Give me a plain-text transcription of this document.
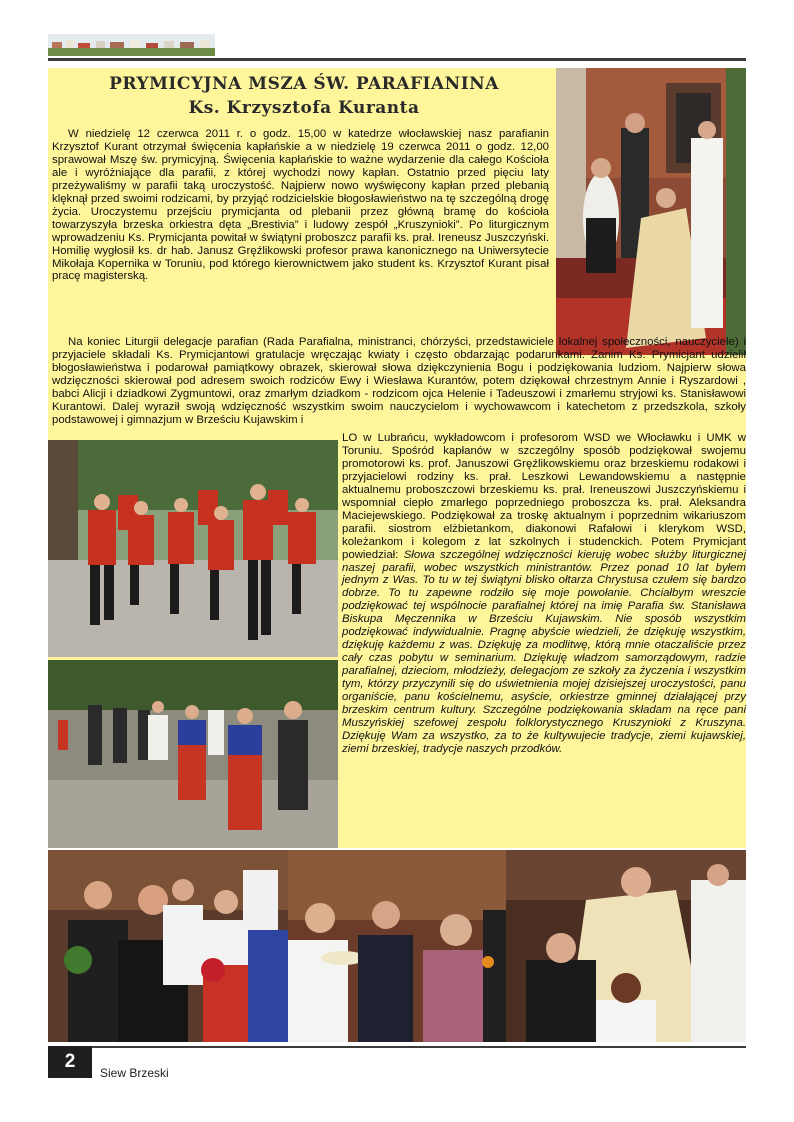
PRYMICYJNA MSZA ŚW. PARAFIANINA
Ks. Krzysztofa Kuranta

W niedzielę 12 czerwca 2011 r. o godz. 15,00 w katedrze włocławskiej nasz parafianin Krzysztof Kurant otrzymał święcenia kapłańskie a w niedzielę 19 czerwca 2011 o godz. 12,00 sprawował Mszę św. prymicyjną. Święcenia kapłańskie to ważne wydarzenie dla całego Kościoła ale i wyróżniające dla parafii, z której wychodzi nowy kapłan. Ostatnio przed pięciu laty przeżywaliśmy w parafii taką uroczystość. Najpierw nowo wyświęcony kapłan przed plebanią klęknął przed swoimi rodzicami, by przyjąć rodzicielskie błogosławieństwo na tę szczególną drogę życia. Uroczystemu przejściu prymicjanta od plebanii przez główną bramę do kościoła towarzyszyła brzeska orkiestra dęta „Brestivia” i ludowy zespół „Kruszynioki”. Po liturgicznym wprowadzeniu Ks. Prymicjanta powitał w świątyni proboszcz parafii ks. prał. Ireneusz Juszczyński. Homilię wygłosił ks. dr hab. Janusz Gręźlikowski profesor prawa kanonicznego na Uniwersytecie Mikołaja Kopernika w Toruniu, pod którego kierownictwem jako student ks. Krzysztof Kurant pisał pracę magisterską.

Na koniec Liturgii delegacje parafian (Rada Parafialna, ministranci, chórzyści, przedstawiciele lokalnej społeczności, nauczyciele) i przyjaciele składali Ks. Prymicjantowi gratulacje wręczając kwiaty i często obdarzając podarunkami. Zanim Ks. Prymicjant udzielił błogosławieństwa i podarował pamiątkowy obrazek, skierował słowa dziękczynienia Bogu i podziękowania ludziom. Najpierw słowa wdzięczności skierował pod adresem swoich rodziców Ewy i Wiesława Kurantów, potem dziękował chrzestnym Annie i Ryszardowi , babci Alicji i dziadkowi Zygmuntowi, oraz zmarłym dziadkom - rodzicom ojca Helenie i Tadeuszowi i zmarłemu stryjowi ks. Stanisławowi Kurantowi. Dalej wyraził swoją wdzięczność wszystkim swoim nauczycielom i wychowawcom i katechetom z przedszkola, szkoły podstawowej i gimnazjum w Brześciu Kujawskim i

LO w Lubrańcu, wykładowcom i profesorom WSD we Włocławku i UMK w Toruniu. Spośród kapłanów w szczególny sposób podziękował swojemu promotorowi ks. prof. Januszowi Gręźlikowskiemu oraz brzeskiemu rodakowi i przyjacielowi rodziny ks. prał. Leszkowi Lewandowskiemu a następnie aktualnemu proboszczowi brzeskiemu ks. prał. Ireneuszowi Juszczyńskiemu i wspomniał ciepło zmarłego poprzedniego proboszcza ks. prał. Aleksandra Maciejewskiego. Podziękował za troskę aktualnym i poprzednim wikariuszom parafii. siostrom elżbietankom, diakonowi Rafałowi i klerykom WSD, koleżankom i kolegom z lat szkolnych i studenckich. Potem Prymicjant powiedział: Słowa szczególnej wdzięczności kieruję wobec służby liturgicznej naszej parafii, wobec wszystkich ministrantów. Przez ponad 10 lat byłem jednym z Was. To tu w tej świątyni blisko ołtarza Chrystusa czułem się bardzo dobrze. To tu zapewne rodziło się moje powołanie. Chciałbym wreszcie podziękować tej wspólnocie parafialnej której na imię Parafia św. Stanisława Biskupa Męczennika w Brześciu Kujawskim. Nie sposób wszystkim podziękować indywidualnie. Pragnę abyście wiedzieli, że dziękuję wszystkim, dziękuję każdemu z was. Dziękuję za modlitwę, którą mnie otaczaliście przez cały czas pobytu w seminarium. Dziękuję władzom samorządowym, radzie parafialnej, dzieciom, młodzieży, delegacjom ze szkoły za życzenia i wszystkim tym, którzy przyczynili się do uświetnienia mojej dzisiejszej uroczystości, panu organiście, panu kościelnemu, asyście, orkiestrze gminnej działającej przy brzeskim centrum kultury. Szczególne podziękowania składam na ręce pani Muszyńskiej szefowej zespołu folklorystycznego Kruszynioki z Kruszyna. Dziękuję Wam za wszystko, za to że kultywujecie tradycje, ziemi kujawskiej, ziemi brzeskiej, tradycje naszych przodków.

2
Siew Brzeski
